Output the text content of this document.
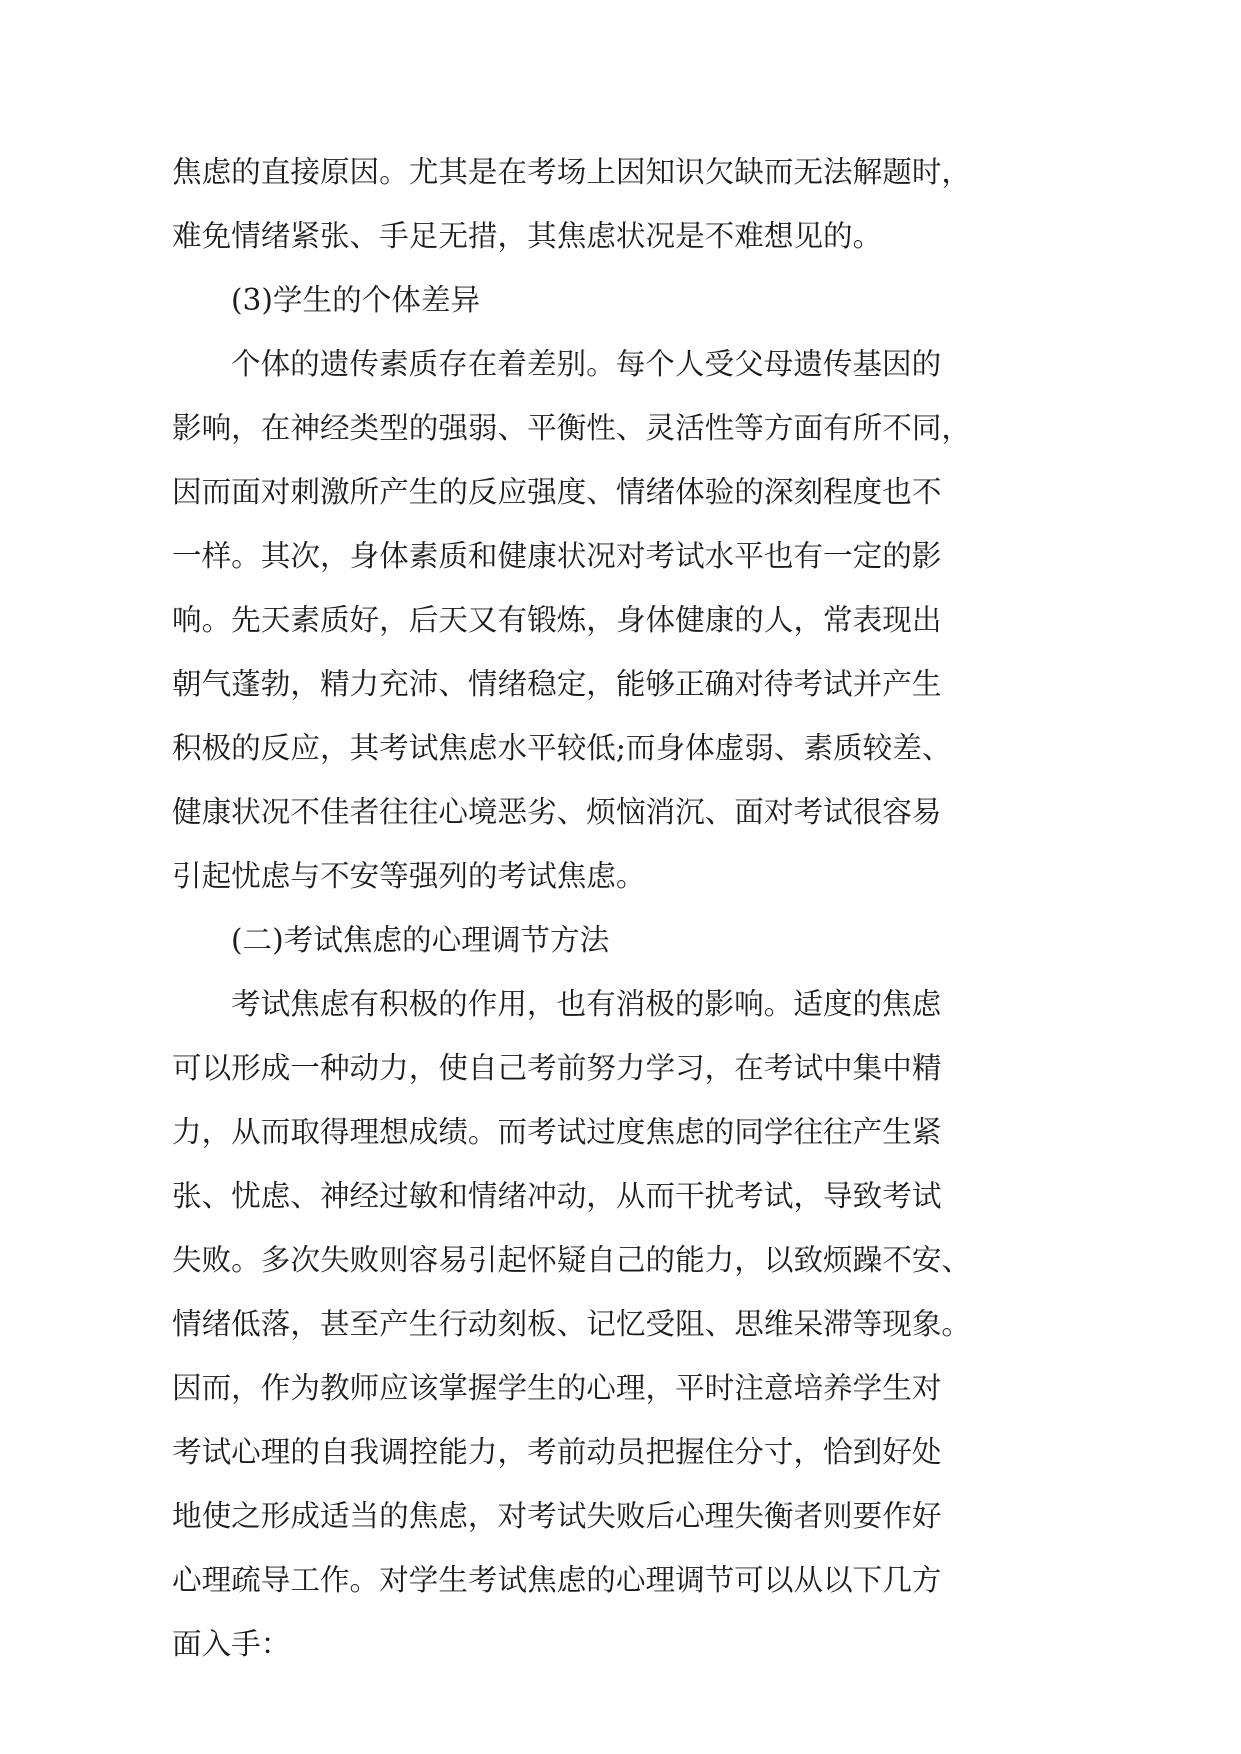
焦虑的直接原因。尤其是在考场上因知识欠缺而无法解题时，
难免情绪紧张、手足无措，其焦虑状况是不难想见的。
(3)学生的个体差异
个体的遗传素质存在着差别。每个人受父母遗传基因的
影响，在神经类型的强弱、平衡性、灵活性等方面有所不同，
因而面对刺激所产生的反应强度、情绪体验的深刻程度也不
一样。其次，身体素质和健康状况对考试水平也有一定的影
响。先天素质好，后天又有锻炼，身体健康的人，常表现出
朝气蓬勃，精力充沛、情绪稳定，能够正确对待考试并产生
积极的反应，其考试焦虑水平较低;而身体虚弱、素质较差、
健康状况不佳者往往心境恶劣、烦恼消沉、面对考试很容易
引起忧虑与不安等强列的考试焦虑。
(二)考试焦虑的心理调节方法
考试焦虑有积极的作用，也有消极的影响。适度的焦虑
可以形成一种动力，使自己考前努力学习，在考试中集中精
力，从而取得理想成绩。而考试过度焦虑的同学往往产生紧
张、忧虑、神经过敏和情绪冲动，从而干扰考试，导致考试
失败。多次失败则容易引起怀疑自己的能力，以致烦躁不安、
情绪低落，甚至产生行动刻板、记忆受阻、思维呆滞等现象。
因而，作为教师应该掌握学生的心理，平时注意培养学生对
考试心理的自我调控能力，考前动员把握住分寸，恰到好处
地使之形成适当的焦虑，对考试失败后心理失衡者则要作好
心理疏导工作。对学生考试焦虑的心理调节可以从以下几方
面入手：
